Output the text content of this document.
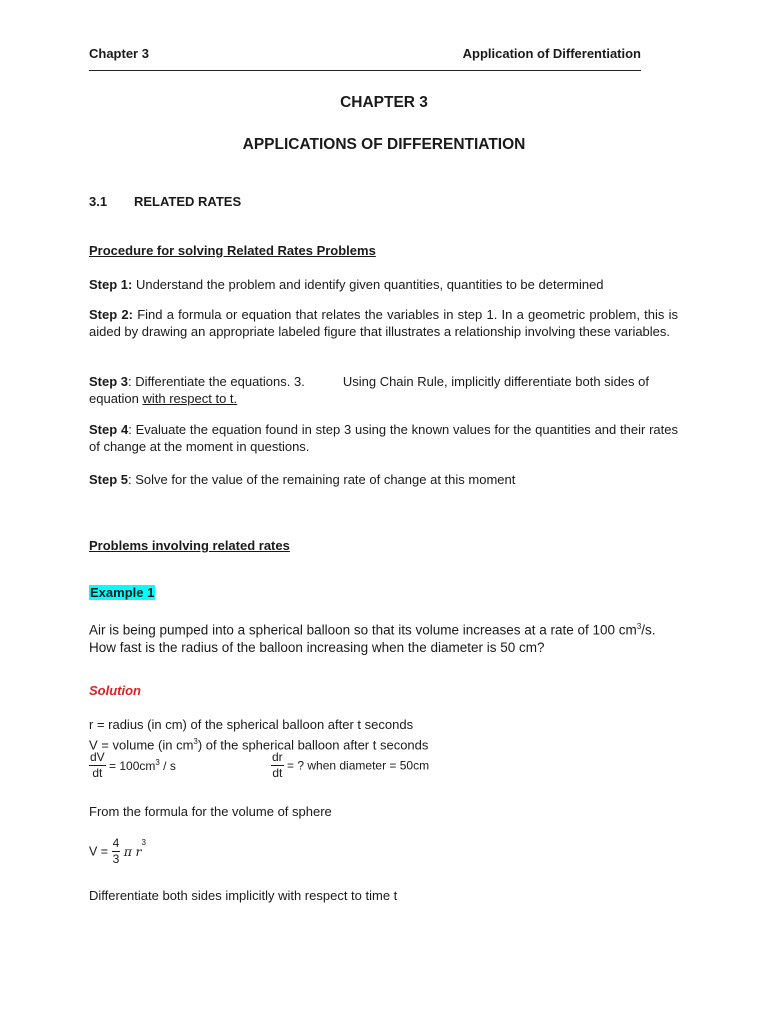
Chapter 3	Application of Differentiation
CHAPTER 3
APPLICATIONS OF DIFFERENTIATION
3.1 RELATED RATES
Procedure for solving Related Rates Problems
Step 1: Understand the problem and identify given quantities, quantities to be determined
Step 2: Find a formula or equation that relates the variables in step 1. In a geometric problem, this is aided by drawing an appropriate labeled figure that illustrates a relationship involving these variables.
Step 3: Differentiate the equations. 3.	Using Chain Rule, implicitly differentiate both sides of equation with respect to t.
Step 4: Evaluate the equation found in step 3 using the known values for the quantities and their rates of change at the moment in questions.
Step 5: Solve for the value of the remaining rate of change at this moment
Problems involving related rates
Example 1
Air is being pumped into a spherical balloon so that its volume increases at a rate of 100 $cm^3/s$. How fast is the radius of the balloon increasing when the diameter is 50 cm?
Solution
r = radius (in cm) of the spherical balloon after t seconds
V = volume (in $cm^3$) of the spherical balloon after t seconds
$\frac{dV}{dt} = 100cm^3 / s$	$\frac{dr}{dt}$ = ? when diameter = 50cm
From the formula for the volume of sphere
$V = \frac{4}{3}$ π $r^3$
Differentiate both sides implicitly with respect to time t
